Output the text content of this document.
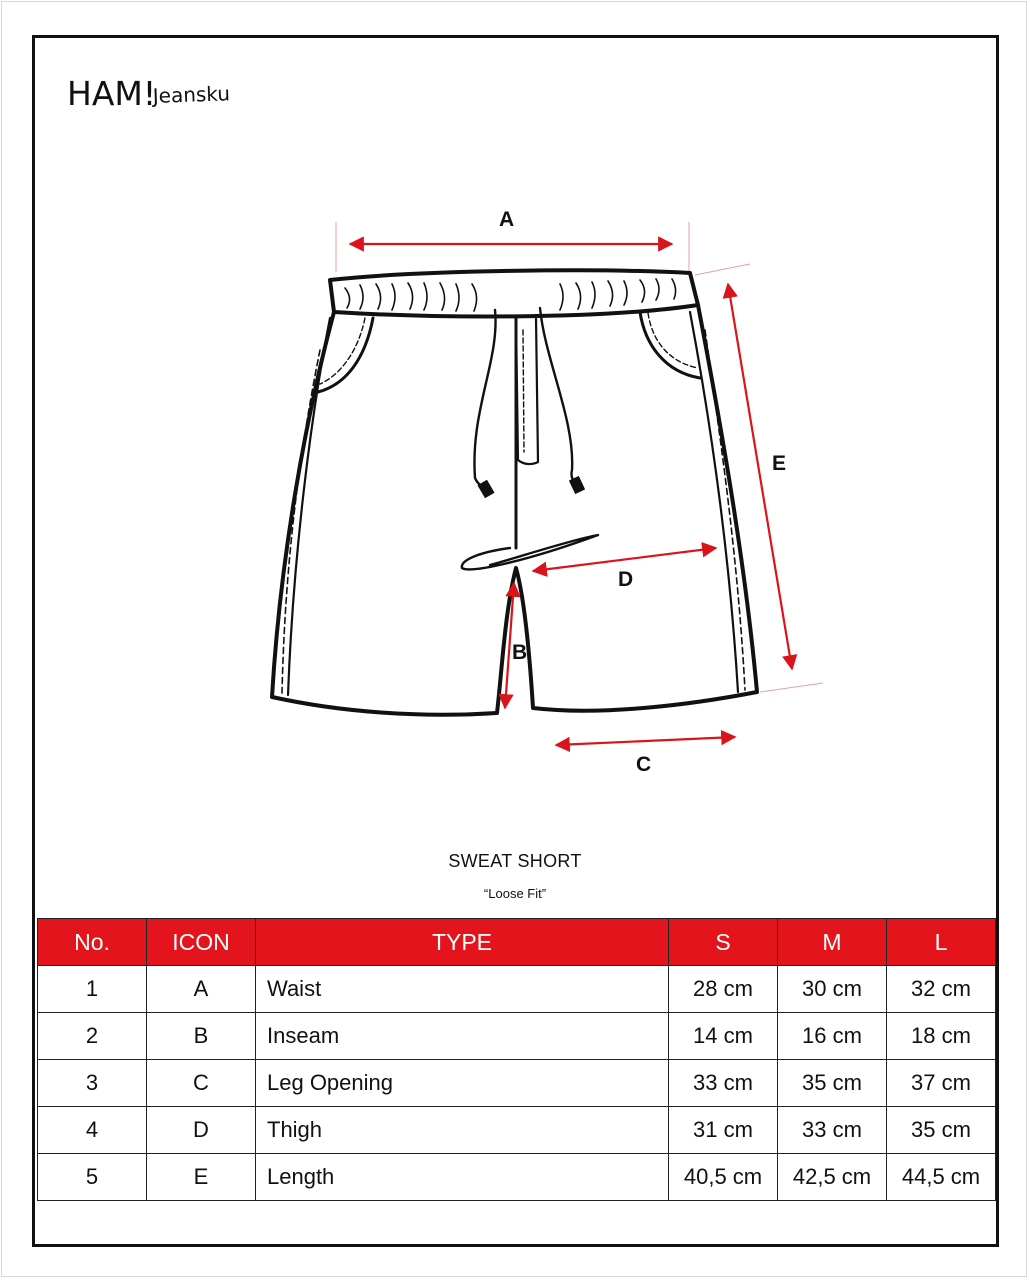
HAM!
Jeansku
A
E
D
B
C
SWEAT SHORT
“Loose Fit”
No.	ICON	TYPE	S	M	L
1	A	Waist	28 cm	30 cm	32 cm
2	B	Inseam	14 cm	16 cm	18 cm
3	C	Leg Opening	33 cm	35 cm	37 cm
4	D	Thigh	31 cm	33 cm	35 cm
5	E	Length	40,5 cm	42,5 cm	44,5 cm
